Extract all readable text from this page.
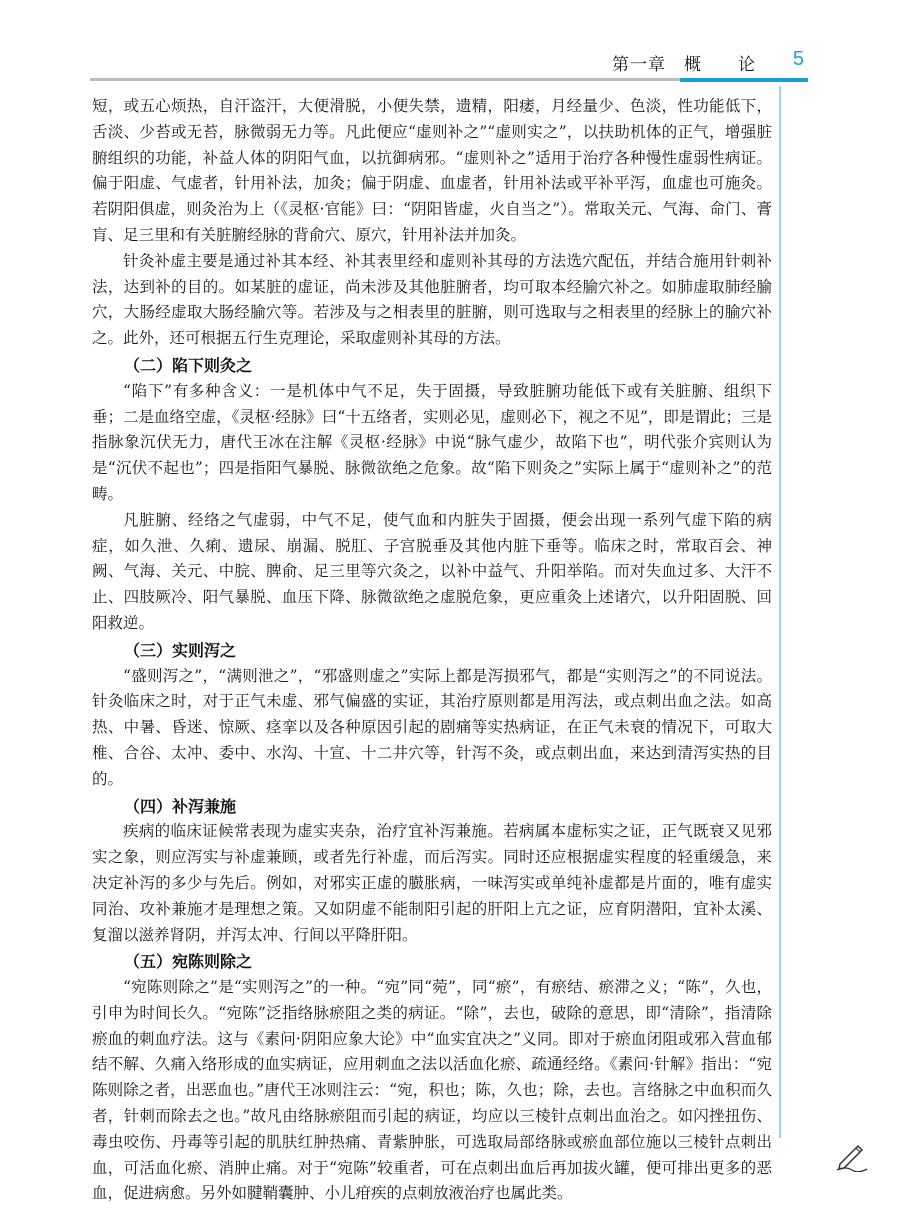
第一章　概　　论 5

短，或五心烦热，自汗盗汗，大便滑脱，小便失禁，遗精，阳痿，月经量少、色淡，性功能低下，舌淡、少苔或无苔，脉微弱无力等。凡此便应“虚则补之”“虚则实之”，以扶助机体的正气，增强脏腑组织的功能，补益人体的阴阳气血，以抗御病邪。“虚则补之”适用于治疗各种慢性虚弱性病证。偏于阳虚、气虚者，针用补法，加灸；偏于阴虚、血虚者，针用补法或平补平泻，血虚也可施灸。若阴阳俱虚，则灸治为上（《灵枢·官能》曰：“阴阳皆虚，火自当之”）。常取关元、气海、命门、膏肓、足三里和有关脏腑经脉的背俞穴、原穴，针用补法并加灸。

针灸补虚主要是通过补其本经、补其表里经和虚则补其母的方法选穴配伍，并结合施用针刺补法，达到补的目的。如某脏的虚证，尚未涉及其他脏腑者，均可取本经腧穴补之。如肺虚取肺经腧穴，大肠经虚取大肠经腧穴等。若涉及与之相表里的脏腑，则可选取与之相表里的经脉上的腧穴补之。此外，还可根据五行生克理论，采取虚则补其母的方法。

（二）陷下则灸之

“陷下”有多种含义：一是机体中气不足，失于固摄，导致脏腑功能低下或有关脏腑、组织下垂；二是血络空虚，《灵枢·经脉》曰“十五络者，实则必见，虚则必下，视之不见”，即是谓此；三是指脉象沉伏无力，唐代王冰在注解《灵枢·经脉》中说“脉气虚少，故陷下也”，明代张介宾则认为是“沉伏不起也”；四是指阳气暴脱、脉微欲绝之危象。故“陷下则灸之”实际上属于“虚则补之”的范畴。

凡脏腑、经络之气虚弱，中气不足，使气血和内脏失于固摄，便会出现一系列气虚下陷的病症，如久泄、久痢、遗尿、崩漏、脱肛、子宫脱垂及其他内脏下垂等。临床之时，常取百会、神阙、气海、关元、中脘、脾俞、足三里等穴灸之，以补中益气、升阳举陷。而对失血过多、大汗不止、四肢厥冷、阳气暴脱、血压下降、脉微欲绝之虚脱危象，更应重灸上述诸穴，以升阳固脱、回阳救逆。

（三）实则泻之

“盛则泻之”，“满则泄之”，“邪盛则虚之”实际上都是泻损邪气，都是“实则泻之”的不同说法。针灸临床之时，对于正气未虚、邪气偏盛的实证，其治疗原则都是用泻法，或点刺出血之法。如高热、中暑、昏迷、惊厥、痉挛以及各种原因引起的剧痛等实热病证，在正气未衰的情况下，可取大椎、合谷、太冲、委中、水沟、十宣、十二井穴等，针泻不灸，或点刺出血，来达到清泻实热的目的。

（四）补泻兼施

疾病的临床证候常表现为虚实夹杂，治疗宜补泻兼施。若病属本虚标实之证，正气既衰又见邪实之象，则应泻实与补虚兼顾，或者先行补虚，而后泻实。同时还应根据虚实程度的轻重缓急，来决定补泻的多少与先后。例如，对邪实正虚的臌胀病，一味泻实或单纯补虚都是片面的，唯有虚实同治、攻补兼施才是理想之策。又如阴虚不能制阳引起的肝阳上亢之证，应育阴潜阳，宜补太溪、复溜以滋养肾阴，并泻太冲、行间以平降肝阳。

（五）宛陈则除之

“宛陈则除之”是“实则泻之”的一种。“宛”同“菀”，同“瘀”，有瘀结、瘀滞之义；“陈”，久也，引申为时间长久。“宛陈”泛指络脉瘀阻之类的病证。“除”，去也，破除的意思，即“清除”，指清除瘀血的刺血疗法。这与《素问·阴阳应象大论》中“血实宜决之”义同。即对于瘀血闭阻或邪入营血郁结不解、久痛入络形成的血实病证，应用刺血之法以活血化瘀、疏通经络。《素问·针解》指出：“宛陈则除之者，出恶血也。”唐代王冰则注云：“宛，积也；陈，久也；除，去也。言络脉之中血积而久者，针刺而除去之也。”故凡由络脉瘀阻而引起的病证，均应以三棱针点刺出血治之。如闪挫扭伤、毒虫咬伤、丹毒等引起的肌肤红肿热痛、青紫肿胀，可选取局部络脉或瘀血部位施以三棱针点刺出血，可活血化瘀、消肿止痛。对于“宛陈”较重者，可在点刺出血后再加拔火罐，便可排出更多的恶血，促进病愈。另外如腱鞘囊肿、小儿疳疾的点刺放液治疗也属此类。
